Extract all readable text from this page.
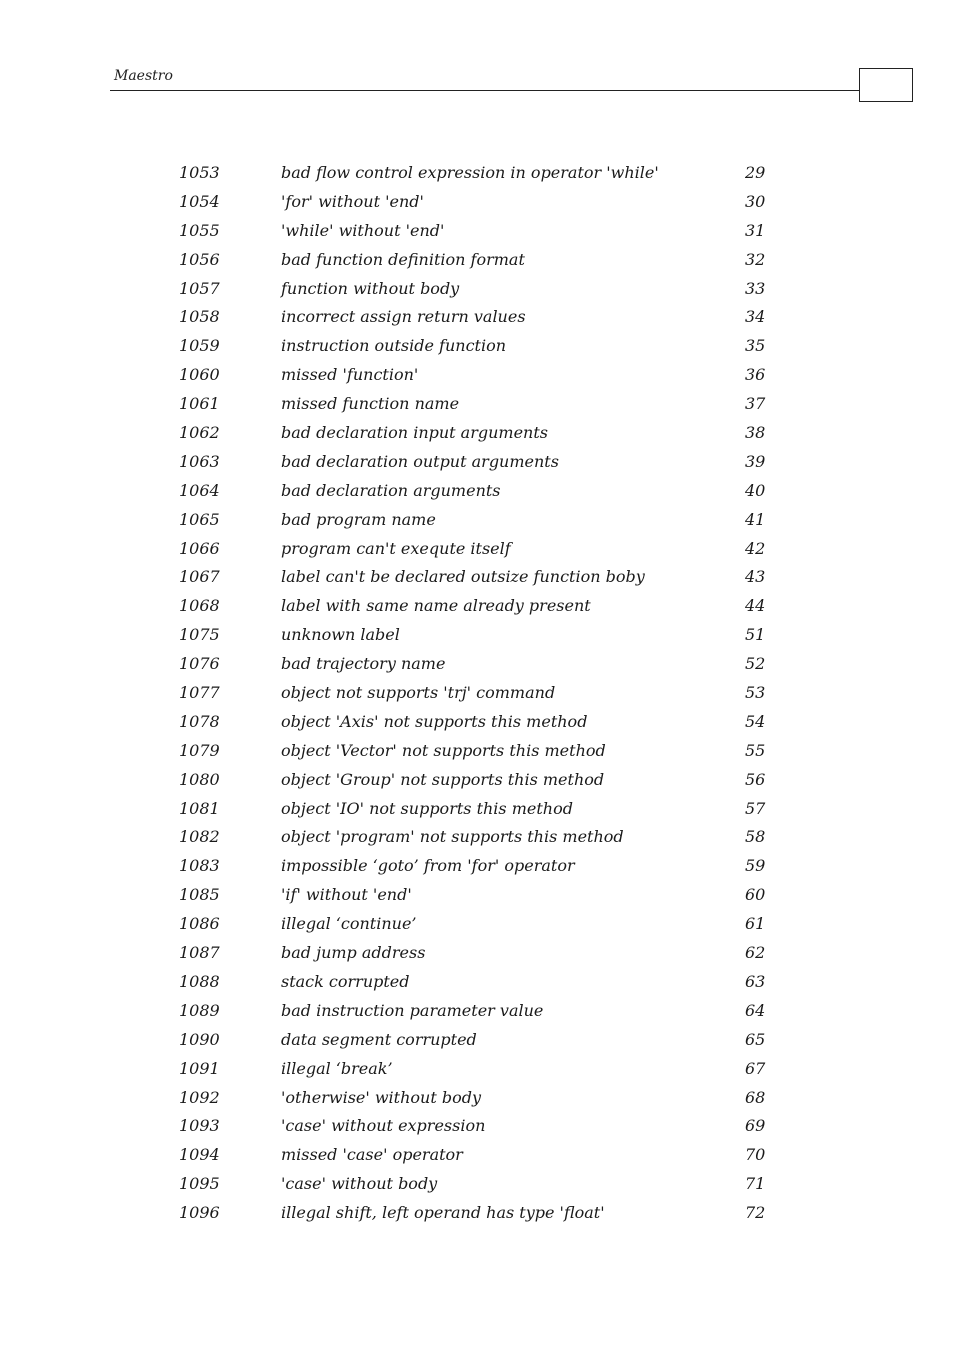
Maestro
1053	bad flow control expression in operator 'while'	29
1054	'for' without 'end'	30
1055	'while' without 'end'	31
1056	bad function definition format	32
1057	function without body	33
1058	incorrect assign return values	34
1059	instruction outside function	35
1060	missed 'function'	36
1061	missed function name	37
1062	bad declaration input arguments	38
1063	bad declaration output arguments	39
1064	bad declaration arguments	40
1065	bad program name	41
1066	program can't exequte itself	42
1067	label can't be declared outsize function boby	43
1068	label with same name already present	44
1075	unknown label	51
1076	bad trajectory name	52
1077	object not supports 'trj' command	53
1078	object 'Axis' not supports this method	54
1079	object 'Vector' not supports this method	55
1080	object 'Group' not supports this method	56
1081	object 'IO' not supports this method	57
1082	object 'program' not supports this method	58
1083	impossible ‘goto’ from 'for' operator	59
1085	'if' without 'end'	60
1086	illegal ‘continue’	61
1087	bad jump address	62
1088	stack corrupted	63
1089	bad instruction parameter value	64
1090	data segment corrupted	65
1091	illegal ‘break’	67
1092	'otherwise' without body	68
1093	'case' without expression	69
1094	missed 'case' operator	70
1095	'case' without body	71
1096	illegal shift, left operand has type 'float'	72
